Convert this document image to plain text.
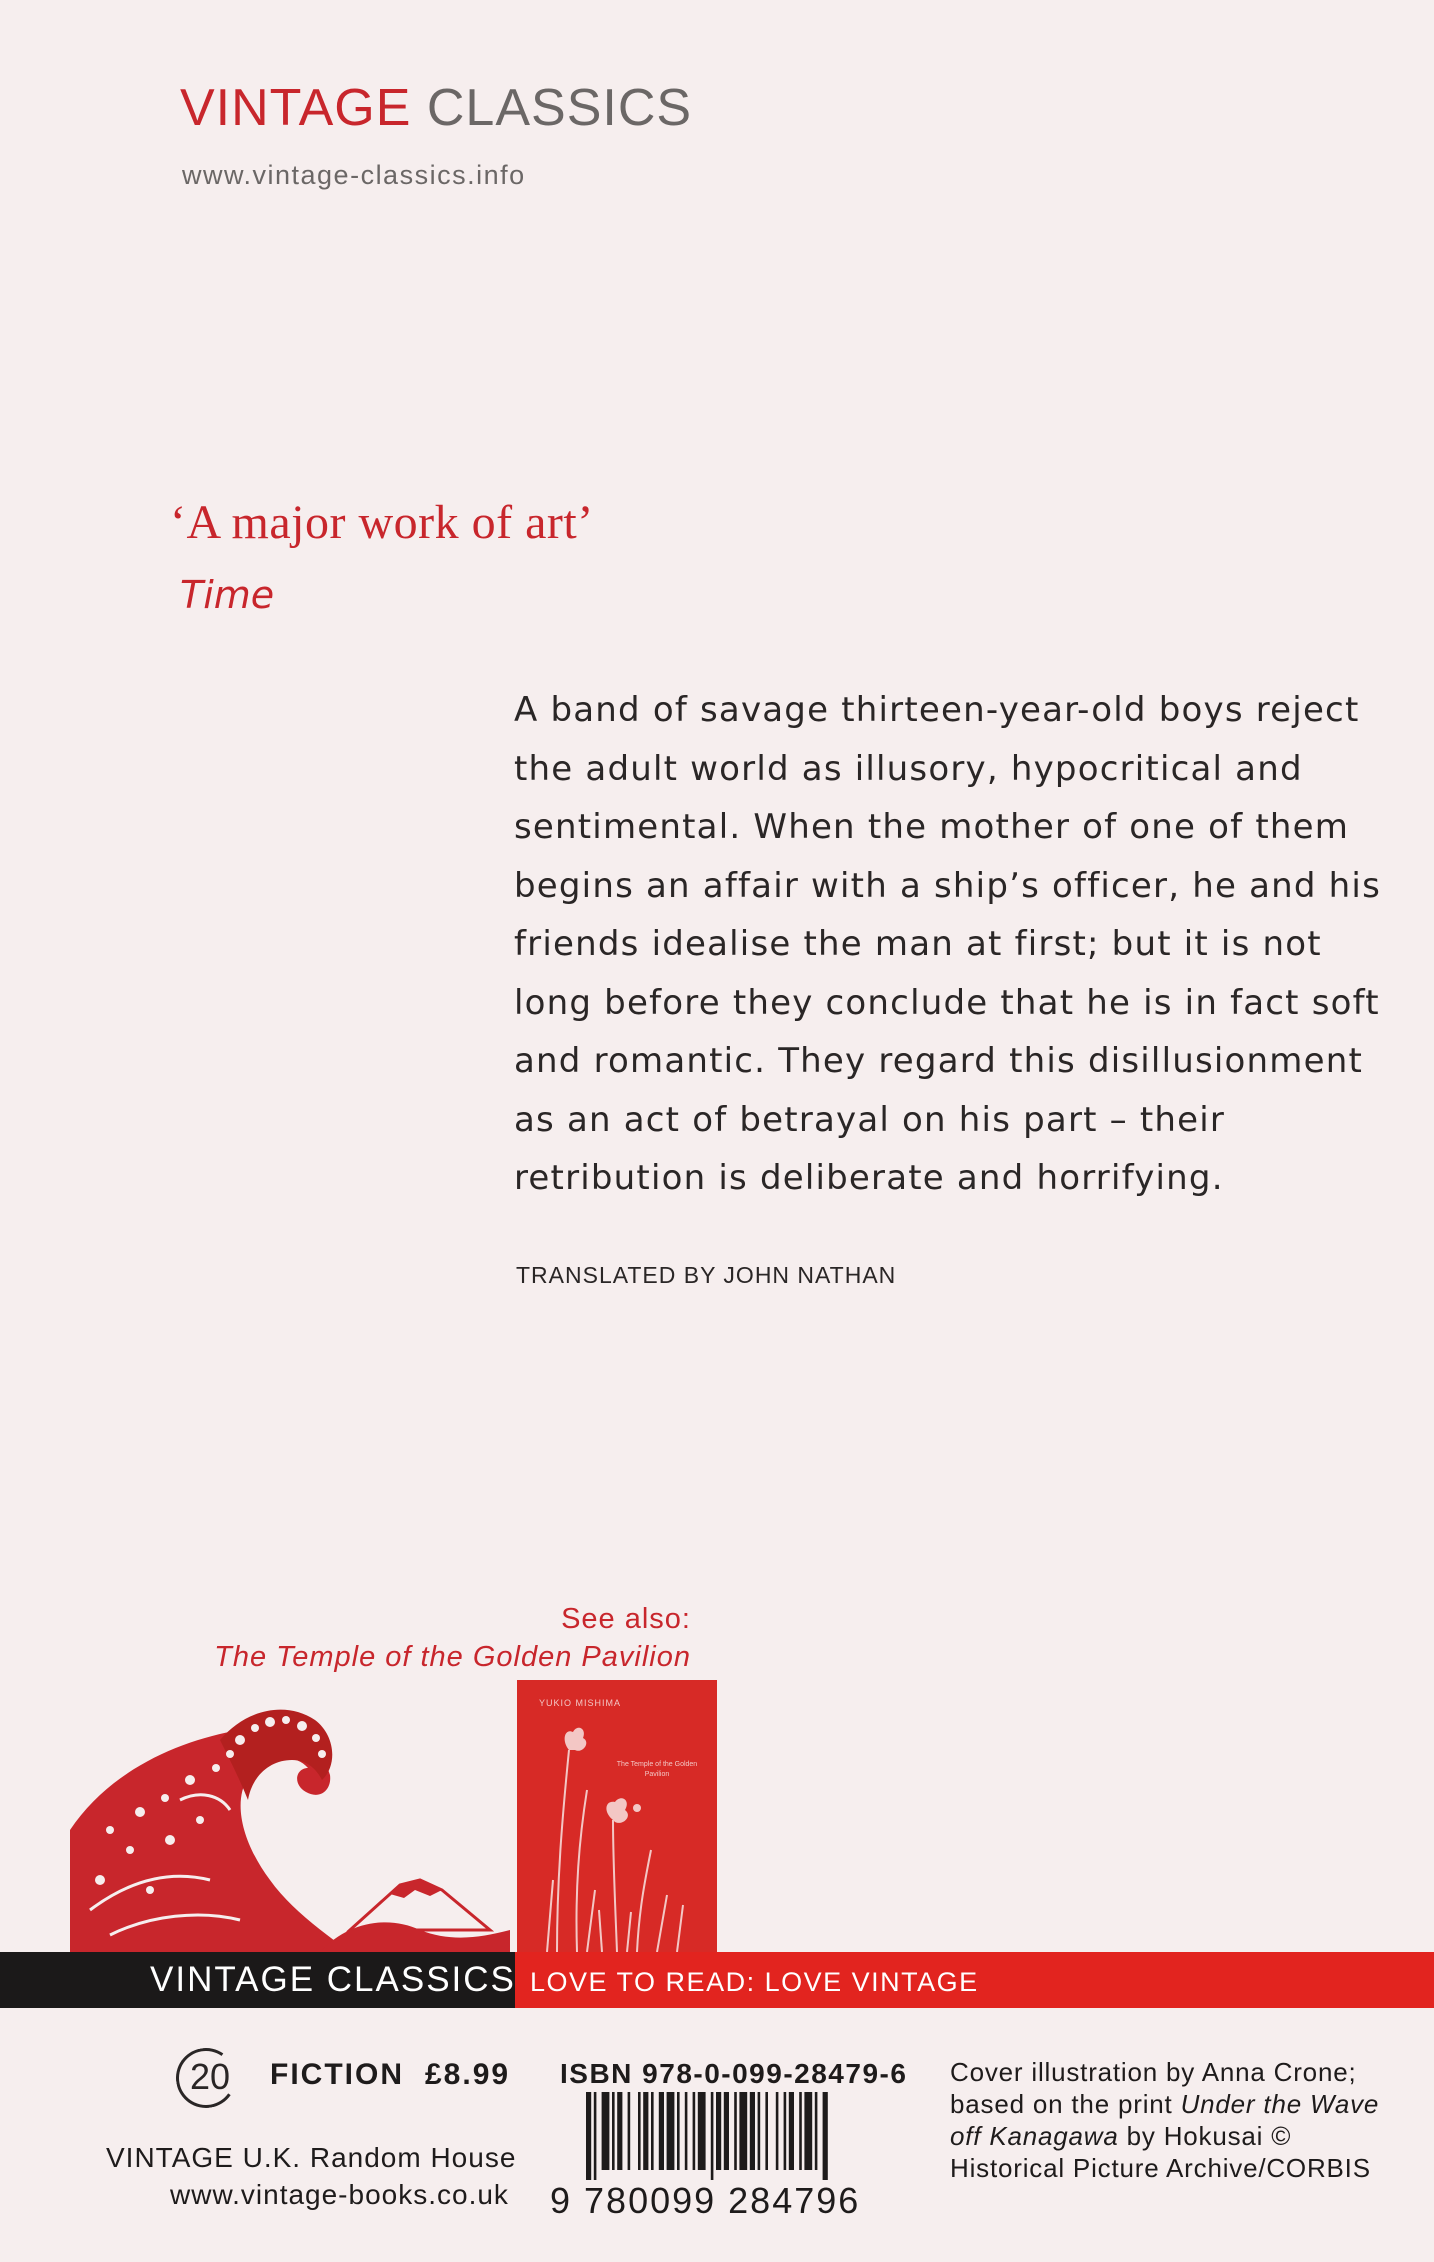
VINTAGE CLASSICS
www.vintage-classics.info
‘A major work of art’
Time
A band of savage thirteen-year-old boys reject
the adult world as illusory, hypocritical and
sentimental. When the mother of one of them
begins an affair with a ship’s officer, he and his
friends idealise the man at first; but it is not
long before they conclude that he is in fact soft
and romantic. They regard this disillusionment
as an act of betrayal on his part – their
retribution is deliberate and horrifying.
TRANSLATED BY JOHN NATHAN
See also:
The Temple of the Golden Pavilion
YUKIO MISHIMA
The Temple of the Golden Pavilion
VINTAGE CLASSICS LOVE TO READ: LOVE VINTAGE
20 FICTION £8.99
VINTAGE U.K. Random House
www.vintage-books.co.uk
ISBN 978-0-099-28479-6
9 780099 284796
Cover illustration by Anna Crone;
based on the print Under the Wave
off Kanagawa by Hokusai ©
Historical Picture Archive/CORBIS
